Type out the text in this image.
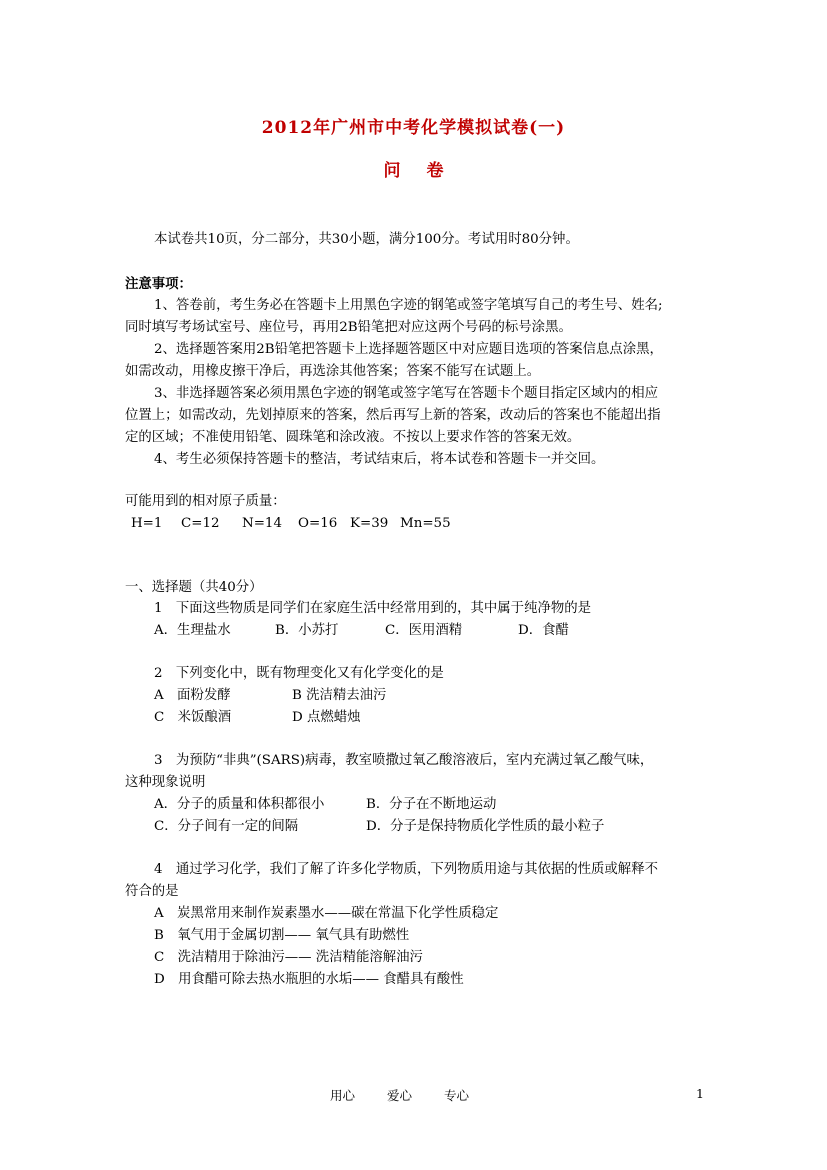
2012年广州市中考化学模拟试卷(一)
问卷
本试卷共10页，分二部分，共30小题，满分100分。考试用时80分钟。
注意事项：
1、答卷前，考生务必在答题卡上用黑色字迹的钢笔或签字笔填写自己的考生号、姓名;
同时填写考场试室号、座位号，再用2B铅笔把对应这两个号码的标号涂黑。
2、选择题答案用2B铅笔把答题卡上选择题答题区中对应题目选项的答案信息点涂黑，
如需改动，用橡皮擦干净后，再选涂其他答案；答案不能写在试题上。
3、非选择题答案必须用黑色字迹的钢笔或签字笔写在答题卡个题目指定区域内的相应
位置上；如需改动，先划掉原来的答案，然后再写上新的答案，改动后的答案也不能超出指
定的区域；不准使用铅笔、圆珠笔和涂改液。不按以上要求作答的答案无效。
4、考生必须保持答题卡的整洁，考试结束后，将本试卷和答题卡一并交回。
可能用到的相对原子质量：
H=1 C=12 N=14 O=16 K=39 Mn=55
一、选择题（共40分）
1　下面这些物质是同学们在家庭生活中经常用到的，其中属于纯净物的是
A．生理盐水	B．小苏打	C．医用酒精	D．食醋
2　下列变化中，既有物理变化又有化学变化的是
A　面粉发酵	B 洗洁精去油污
C　米饭酿酒	D 点燃蜡烛
3　为预防“非典”(SARS)病毒，教室喷撒过氧乙酸溶液后，室内充满过氧乙酸气味，
这种现象说明
A．分子的质量和体积都很小	B．分子在不断地运动
C．分子间有一定的间隔	D．分子是保持物质化学性质的最小粒子
4　通过学习化学，我们了解了许多化学物质，下列物质用途与其依据的性质或解释不
符合的是
A　炭黑常用来制作炭素墨水——碳在常温下化学性质稳定
B　氧气用于金属切割—— 氧气具有助燃性
C　洗洁精用于除油污—— 洗洁精能溶解油污
D　用食醋可除去热水瓶胆的水垢—— 食醋具有酸性
用心	爱心	专心	1
